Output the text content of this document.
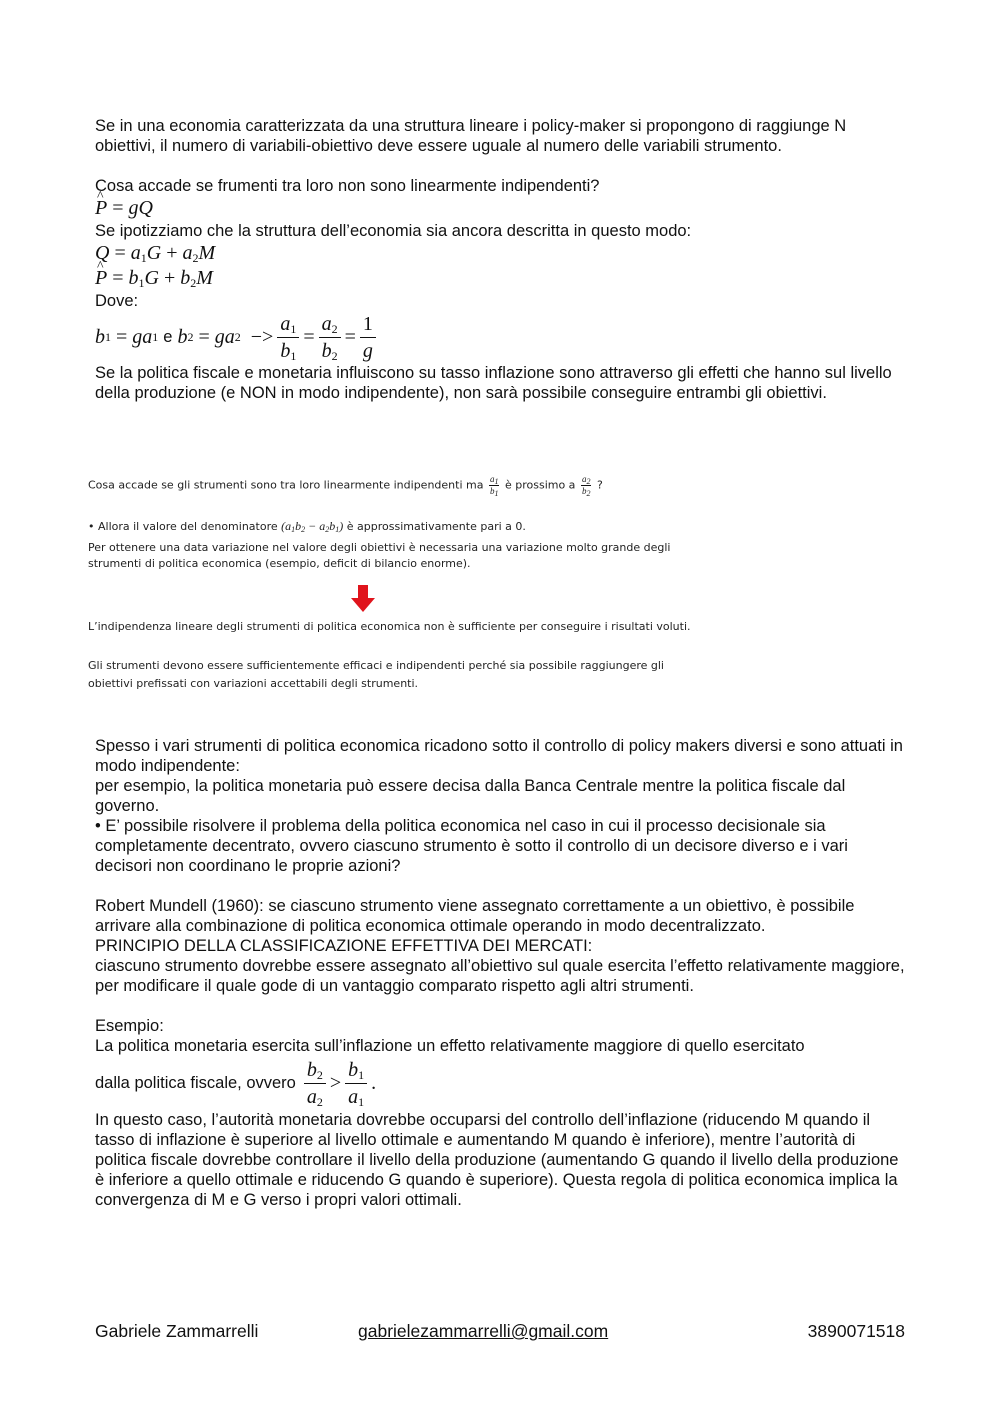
Se in una economia caratterizzata da una struttura lineare i policy-maker si propongono di raggiunge N obiettivi, il numero di variabili-obiettivo deve essere uguale al numero delle variabili strumento.

Cosa accade se frumenti tra loro non sono linearmente indipendenti?

^ P = gQ

Se ipotizziamo che la struttura dell’economia sia ancora descritta in questo modo:

$Q = a_1G + a_2M$
^ $P = b_1G + b_2M$

Dove:

b 1
= ga 1
e b 2
= ga 2
−> $\frac{a_1}{b_1} = \frac{a_2}{b_2} = \frac{1}{g}$

Se la politica fiscale e monetaria influiscono su tasso inflazione sono attraverso gli effetti che hanno sul livello della produzione (e NON in modo indipendente), non sarà possibile conseguire entrambi gli obiettivi.

Cosa accade se gli strumenti sono tra loro linearmente indipendenti ma $\frac{a_1}{b_1}$ è prossimo a $\frac{a_2}{b_2}$ ?
• Allora il valore del denominatore $(a_1b_2 - a_2b_1)$ è approssimativamente pari a 0.
Per ottenere una data variazione nel valore degli obiettivi è necessaria una variazione molto grande degli
strumenti di politica economica (esempio, deficit di bilancio enorme).
L’indipendenza lineare degli strumenti di politica economica non è sufficiente per conseguire i risultati voluti.
Gli strumenti devono essere sufficientemente efficaci e indipendenti perché sia possibile raggiungere gli
obiettivi prefissati con variazioni accettabili degli strumenti.

Spesso i vari strumenti di politica economica ricadono sotto il controllo di policy makers diversi e sono attuati in modo indipendente:

per esempio, la politica monetaria può essere decisa dalla Banca Centrale mentre la politica fiscale dal governo.

• E’ possibile risolvere il problema della politica economica nel caso in cui il processo decisionale sia completamente decentrato, ovvero ciascuno strumento è sotto il controllo di un decisore diverso e i vari decisori non coordinano le proprie azioni?

Robert Mundell (1960): se ciascuno strumento viene assegnato correttamente a un obiettivo, è possibile arrivare alla combinazione di politica economica ottimale operando in modo decentralizzato.

PRINCIPIO DELLA CLASSIFICAZIONE EFFETTIVA DEI MERCATI:

ciascuno strumento dovrebbe essere assegnato all’obiettivo sul quale esercita l’effetto relativamente maggiore, per modificare il quale gode di un vantaggio comparato rispetto agli altri strumenti.

Esempio:

La politica monetaria esercita sull’inflazione un effetto relativamente maggiore di quello esercitato

dalla politica fiscale, ovvero $\frac{b_2}{a_2} > \frac{b_1}{a_1}$ .

In questo caso, l’autorità monetaria dovrebbe occuparsi del controllo dell’inflazione (riducendo M quando il tasso di inflazione è superiore al livello ottimale e aumentando M quando è inferiore), mentre l’autorità di politica fiscale dovrebbe controllare il livello della produzione (aumentando G quando il livello della produzione è inferiore a quello ottimale e riducendo G quando è superiore). Questa regola di politica economica implica la convergenza di M e G verso i propri valori ottimali.

Gabriele Zammarrelli	gabrielezammarrelli@gmail.com	3890071518
